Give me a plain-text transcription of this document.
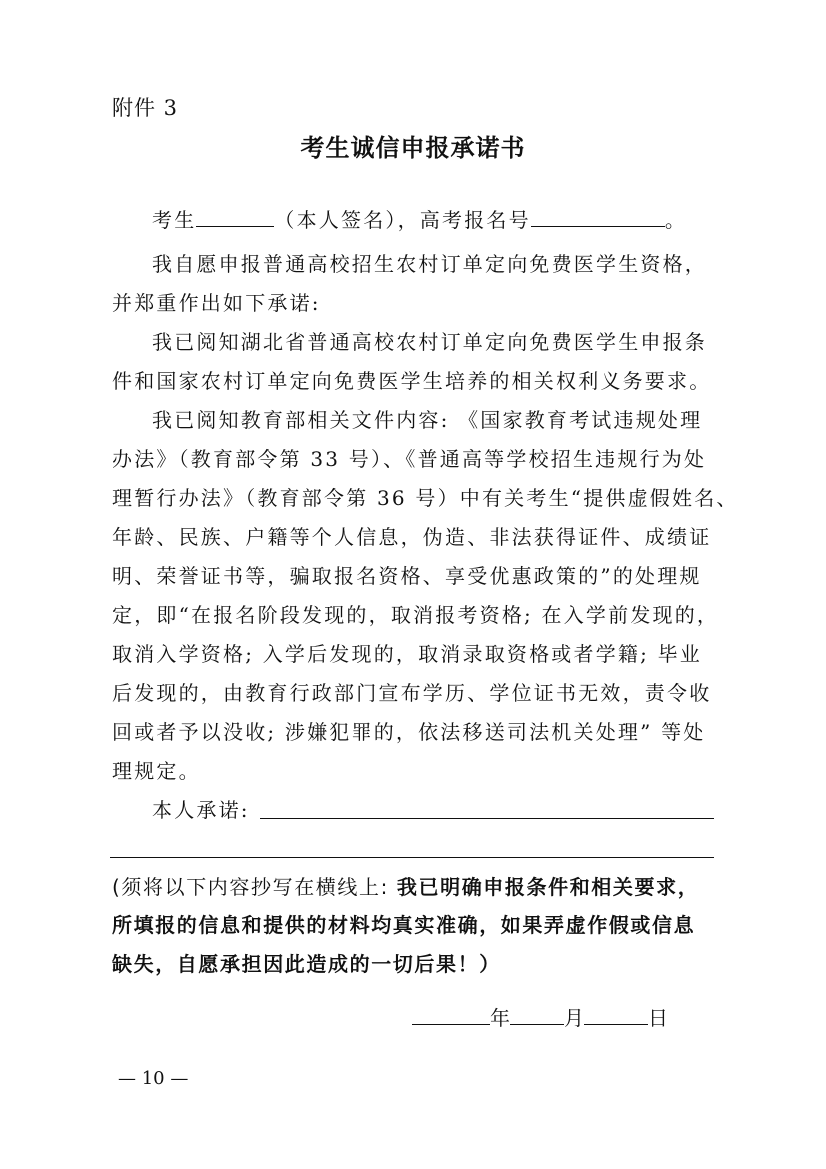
附件 3
考生诚信申报承诺书
考生	（本人签名），高考报名号	。
我自愿申报普通高校招生农村订单定向免费医学生资格，
并郑重作出如下承诺:
我已阅知湖北省普通高校农村订单定向免费医学生申报条
件和国家农村订单定向免费医学生培养的相关权利义务要求。
我已阅知教育部相关文件内容: 《国家教育考试违规处理
办法》（教育部令第 33 号）、《普通高等学校招生违规行为处
理暂行办法》（教育部令第 36 号）中有关考生“提供虚假姓名、
年龄、民族、户籍等个人信息，伪造、非法获得证件、成绩证
明、荣誉证书等，骗取报名资格、享受优惠政策的”的处理规
定，即“在报名阶段发现的，取消报考资格; 在入学前发现的，
取消入学资格; 入学后发现的，取消录取资格或者学籍; 毕业
后发现的，由教育行政部门宣布学历、学位证书无效，责令收
回或者予以没收; 涉嫌犯罪的，依法移送司法机关处理” 等处
理规定。
本人承诺:
(须将以下内容抄写在横线上: 我已明确申报条件和相关要求，
所填报的信息和提供的材料均真实准确，如果弄虚作假或信息
缺失，自愿承担因此造成的一切后果！）
年	月	日
— 10 —
